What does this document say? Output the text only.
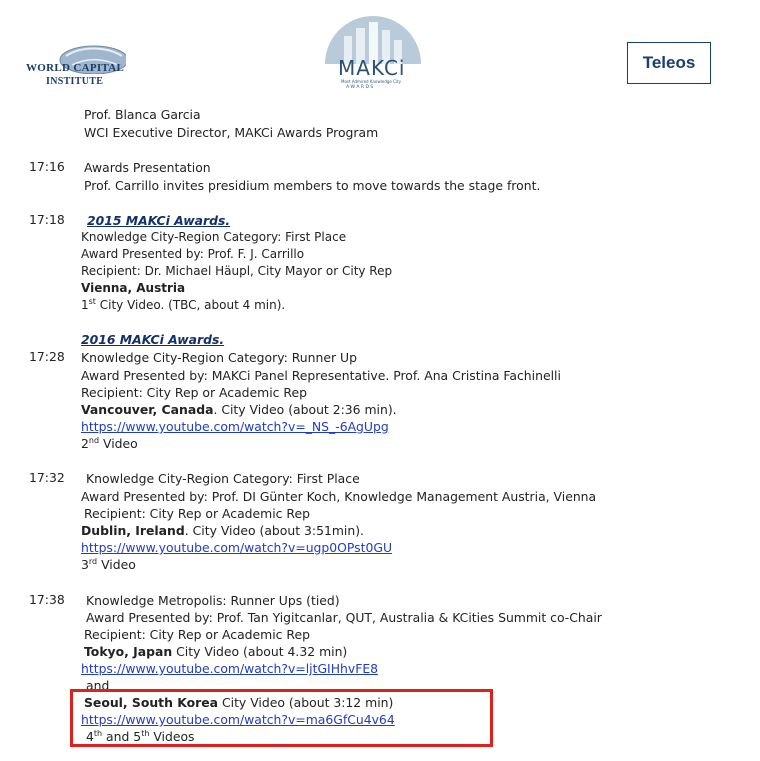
WORLD CAPITAL
INSTITUTE
MAKCi
Most Admired Knowledge City
A W A R D S
Teleos
Prof. Blanca Garcia
WCI Executive Director, MAKCi Awards Program
17:16 Awards Presentation
Prof. Carrillo invites presidium members to move towards the stage front.
17:18 2015 MAKCi Awards.
Knowledge City-Region Category: First Place
Award Presented by: Prof. F. J. Carrillo
Recipient: Dr. Michael Häupl, City Mayor or City Rep
Vienna, Austria
1st City Video. (TBC, about 4 min).
2016 MAKCi Awards.
17:28 Knowledge City-Region Category: Runner Up
Award Presented by: MAKCi Panel Representative. Prof. Ana Cristina Fachinelli
Recipient: City Rep or Academic Rep
Vancouver, Canada. City Video (about 2:36 min).
https://www.youtube.com/watch?v=_NS_-6AgUpg
2nd Video
17:32 Knowledge City-Region Category: First Place
Award Presented by: Prof. DI Günter Koch, Knowledge Management Austria, Vienna
Recipient: City Rep or Academic Rep
Dublin, Ireland. City Video (about 3:51min).
https://www.youtube.com/watch?v=ugp0OPst0GU
3rd Video
17:38 Knowledge Metropolis: Runner Ups (tied)
Award Presented by: Prof. Tan Yigitcanlar, QUT, Australia & KCities Summit co-Chair
Recipient: City Rep or Academic Rep
Tokyo, Japan City Video (about 4.32 min)
https://www.youtube.com/watch?v=ljtGIHhvFE8
and
Seoul, South Korea City Video (about 3:12 min)
https://www.youtube.com/watch?v=ma6GfCu4v64
4th and 5th Videos
